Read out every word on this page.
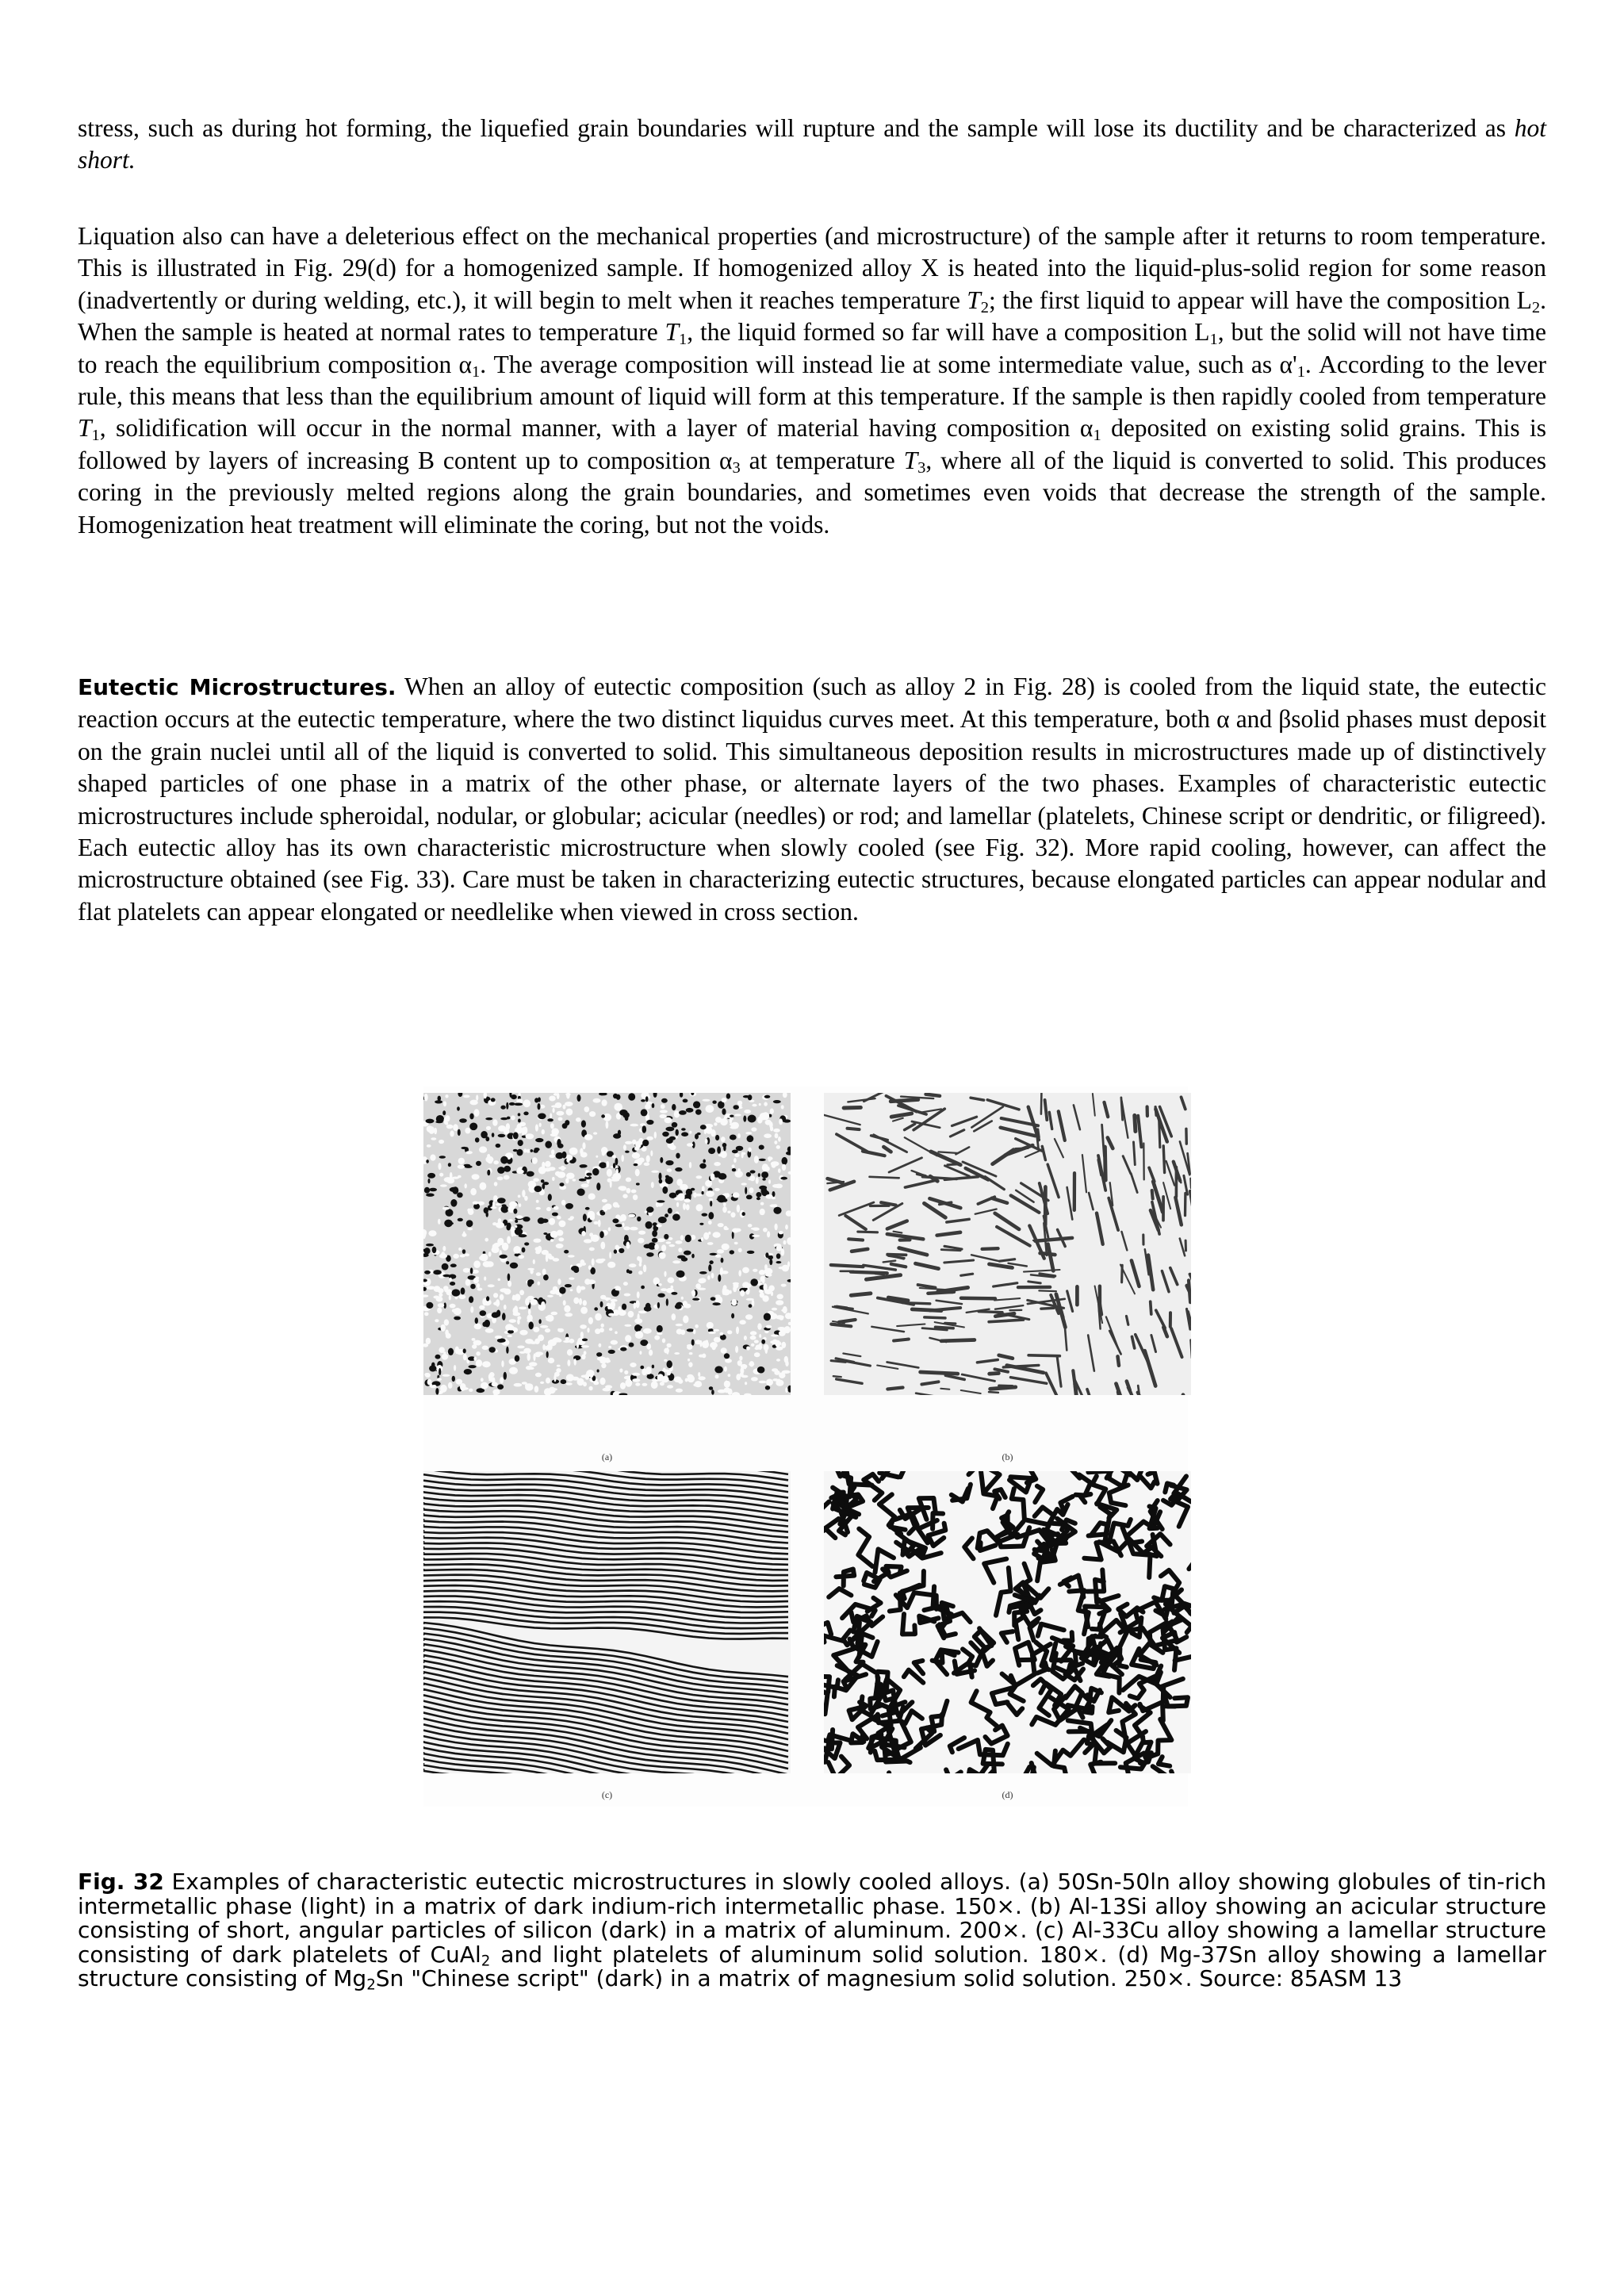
stress, such as during hot forming, the liquefied grain boundaries will rupture and the sample will lose its ductility and be characterized as hot short.

Liquation also can have a deleterious effect on the mechanical properties (and microstructure) of the sample after it returns to room temperature. This is illustrated in Fig. 29(d) for a homogenized sample. If homogenized alloy X is heated into the liquid-plus-solid region for some reason (inadvertently or during welding, etc.), it will begin to melt when it reaches temperature $T_2$; the first liquid to appear will have the composition $L_2$. When the sample is heated at normal rates to temperature $T_1$, the liquid formed so far will have a composition $L_1$, but the solid will not have time to reach the equilibrium composition $\alpha_1$. The average composition will instead lie at some intermediate value, such as $\alpha'_1$. According to the lever rule, this means that less than the equilibrium amount of liquid will form at this temperature. If the sample is then rapidly cooled from temperature $T_1$, solidification will occur in the normal manner, with a layer of material having composition $\alpha_1$ deposited on existing solid grains. This is followed by layers of increasing B content up to composition $\alpha_3$ at temperature $T_3$, where all of the liquid is converted to solid. This produces coring in the previously melted regions along the grain boundaries, and sometimes even voids that decrease the strength of the sample. Homogenization heat treatment will eliminate the coring, but not the voids.

Eutectic Microstructures. When an alloy of eutectic composition (such as alloy 2 in Fig. 28) is cooled from the liquid state, the eutectic reaction occurs at the eutectic temperature, where the two distinct liquidus curves meet. At this temperature, both α and βsolid phases must deposit on the grain nuclei until all of the liquid is converted to solid. This simultaneous deposition results in microstructures made up of distinctively shaped particles of one phase in a matrix of the other phase, or alternate layers of the two phases. Examples of characteristic eutectic microstructures include spheroidal, nodular, or globular; acicular (needles) or rod; and lamellar (platelets, Chinese script or dendritic, or filigreed). Each eutectic alloy has its own characteristic microstructure when slowly cooled (see Fig. 32). More rapid cooling, however, can affect the microstructure obtained (see Fig. 33). Care must be taken in characterizing eutectic structures, because elongated particles can appear nodular and flat platelets can appear elongated or needlelike when viewed in cross section.

(a)	(b)
(c)	(d)

Fig. 32 Examples of characteristic eutectic microstructures in slowly cooled alloys. (a) 50Sn-50ln alloy showing globules of tin-rich intermetallic phase (light) in a matrix of dark indium-rich intermetallic phase. 150×. (b) Al-13Si alloy showing an acicular structure consisting of short, angular particles of silicon (dark) in a matrix of aluminum. 200×. (c) Al-33Cu alloy showing a lamellar structure consisting of dark platelets of CuAl$_2$ and light platelets of aluminum solid solution. 180×. (d) Mg-37Sn alloy showing a lamellar structure consisting of $Mg_2Sn$ "Chinese script" (dark) in a matrix of magnesium solid solution. 250×. Source: 85ASM 13
